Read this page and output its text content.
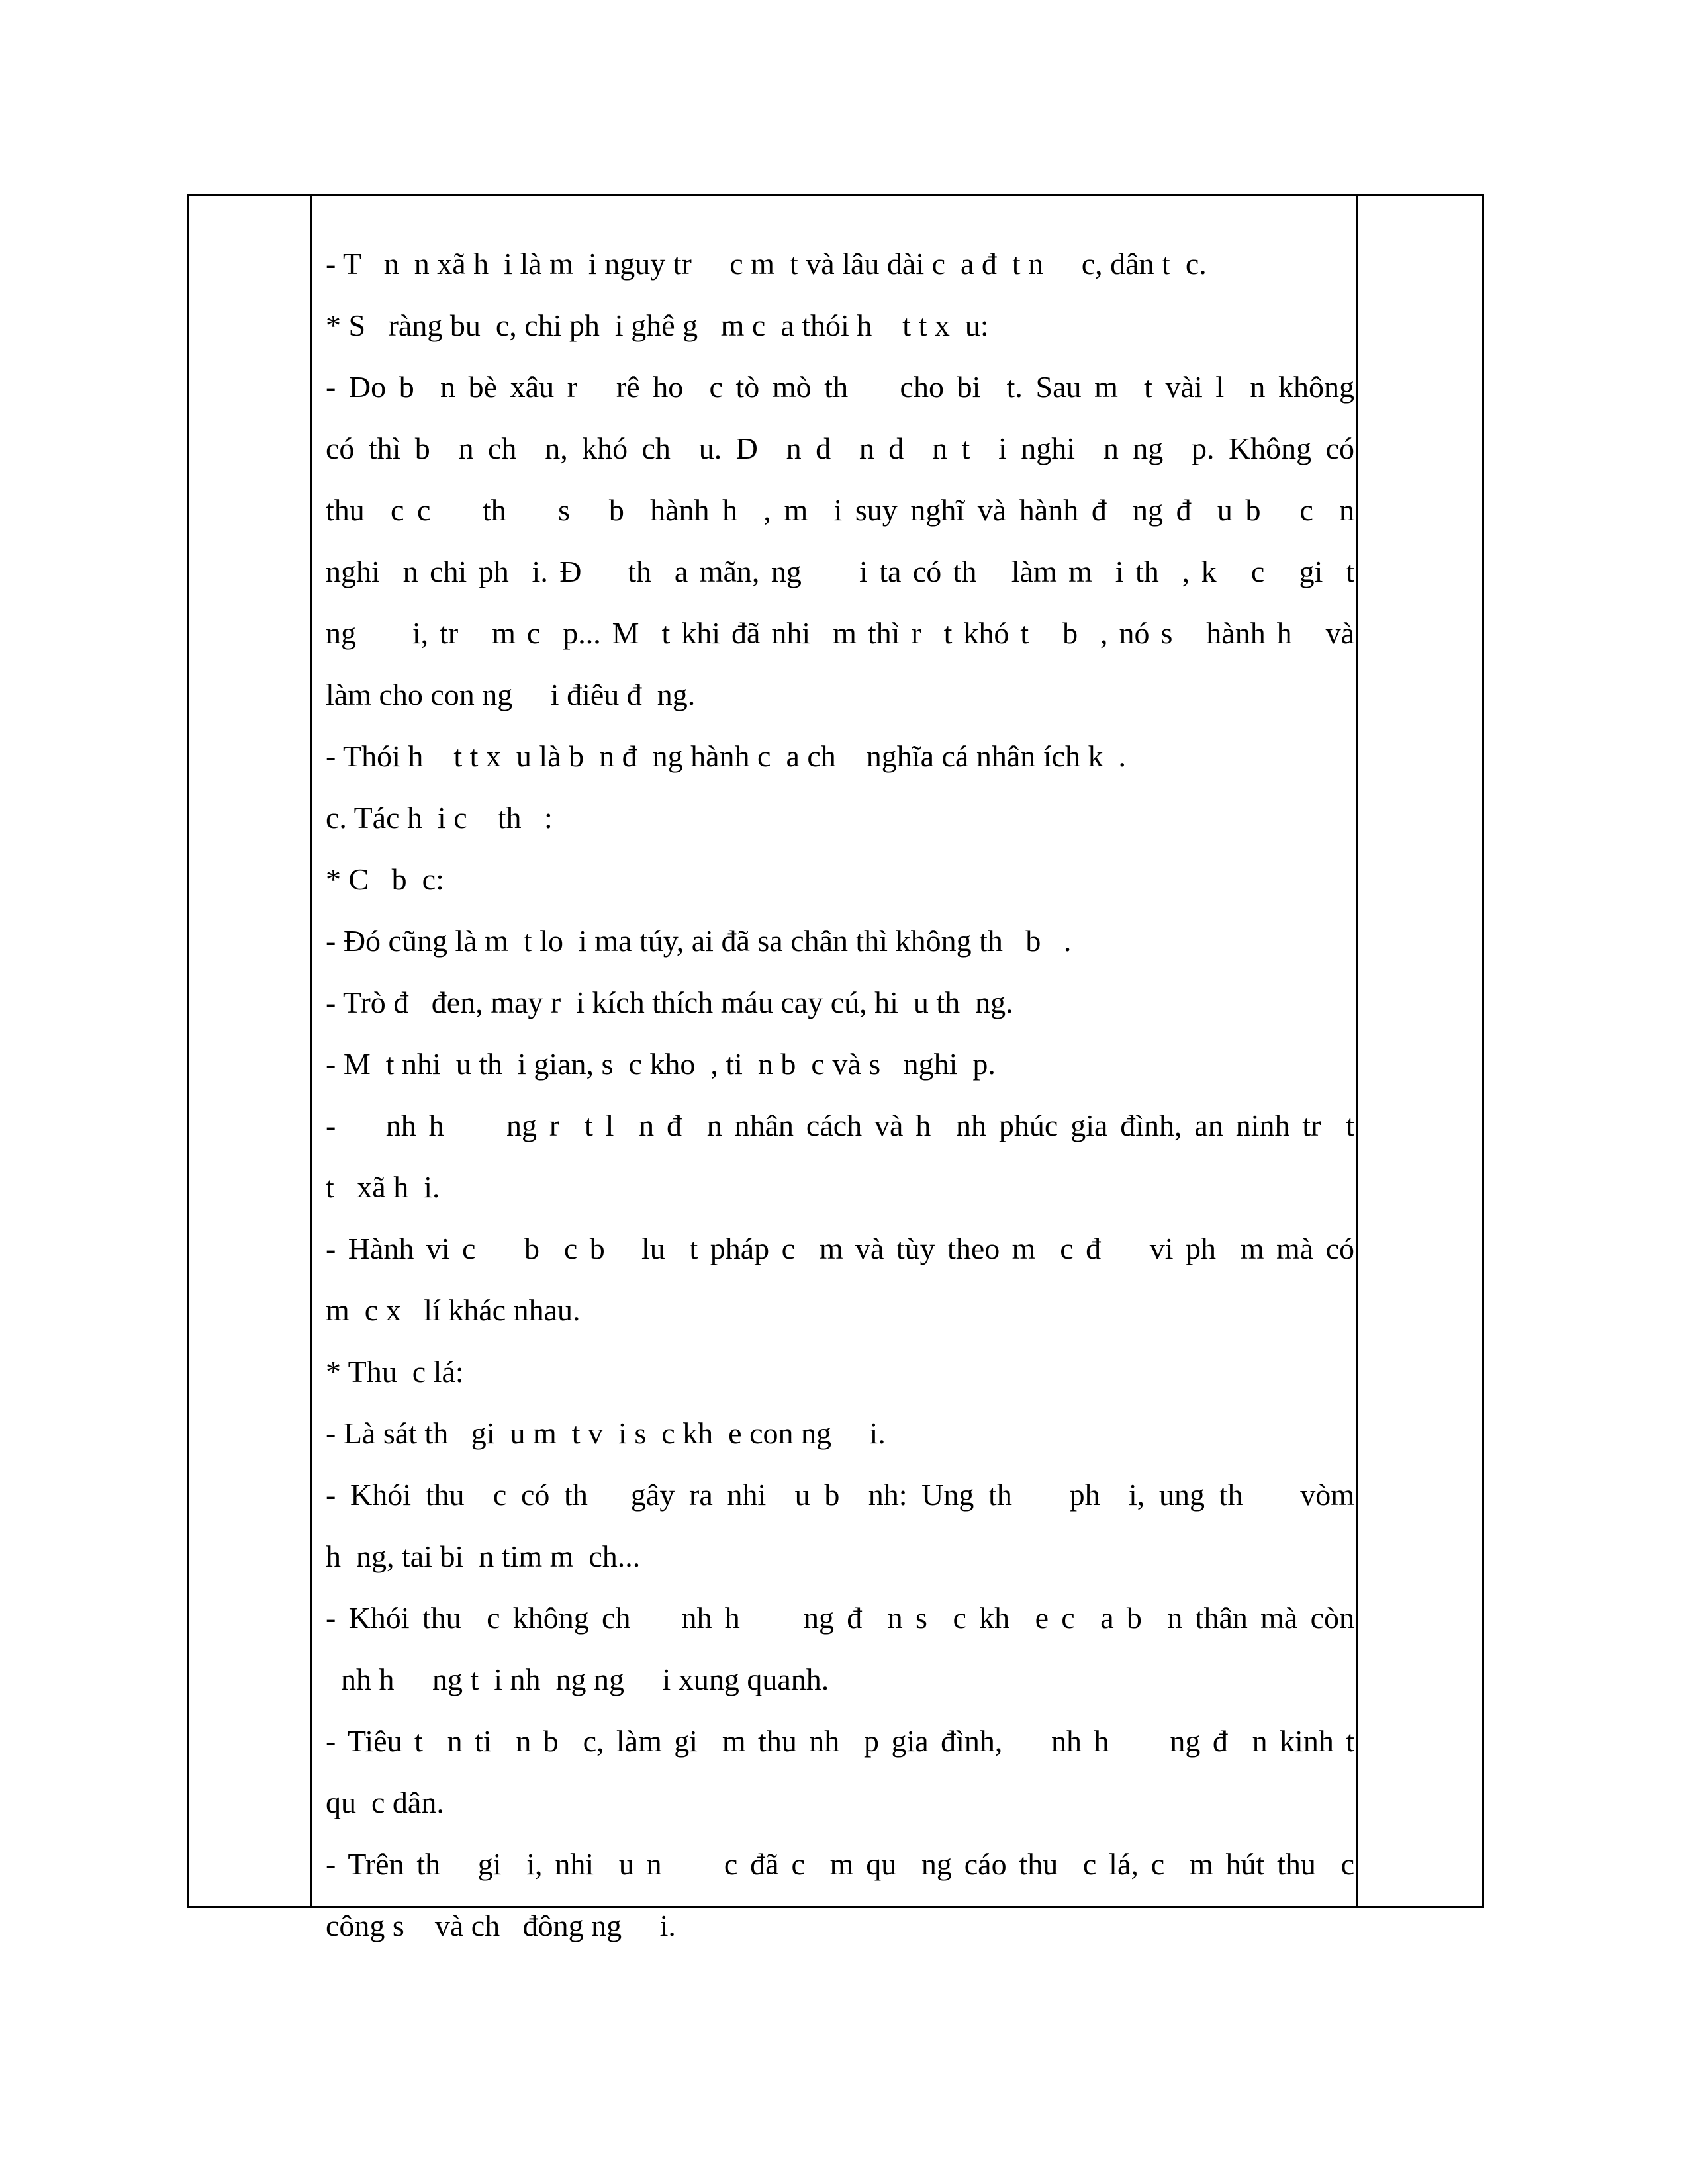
- T   n  n xã h  i là m  i nguy tr     c m  t và lâu dài c  a đ  t n     c, dân t  c.
* S   ràng bu  c, chi ph  i ghê g   m c  a thói h    t t x  u:
- Do b  n bè xâu r   rê ho  c tò mò th    cho bi  t. Sau m  t vài l  n không
có thì b  n ch  n, khó ch  u. D  n d  n d  n t  i nghi  n ng  p. Không có
thu  c c    th    s   b  hành h  , m  i suy nghĩ và hành đ  ng đ  u b   c  n
nghi  n chi ph  i. Đ    th  a mãn, ng     i ta có th   làm m  i th  , k   c   gi  t
ng     i, tr   m c  p... M  t khi đã nhi  m thì r  t khó t   b  , nó s   hành h   và
làm cho con ng     i điêu đ  ng.
- Thói h    t t x  u là b  n đ  ng hành c  a ch    nghĩa cá nhân ích k  .
c. Tác h  i c    th   :
* C   b  c:
- Đó cũng là m  t lo  i ma túy, ai đã sa chân thì không th   b   .
- Trò đ   đen, may r  i kích thích máu cay cú, hi  u th  ng.
- M  t nhi  u th  i gian, s  c kho  , ti  n b  c và s   nghi  p.
-    nh h     ng r  t l  n đ  n nhân cách và h  nh phúc gia đình, an ninh tr  t
t   xã h  i.
- Hành vi c    b  c b   lu  t pháp c  m và tùy theo m  c đ    vi ph  m mà có
m  c x   lí khác nhau.
* Thu  c lá:
- Là sát th   gi  u m  t v  i s  c kh  e con ng     i.
- Khói thu  c có th   gây ra nhi  u b  nh: Ung th    ph  i, ung th    vòm
h  ng, tai bi  n tim m  ch...
- Khói thu  c không ch    nh h     ng đ  n s  c kh  e c  a b  n thân mà còn
nh h     ng t  i nh  ng ng     i xung quanh.
- Tiêu t  n ti  n b  c, làm gi  m thu nh  p gia đình,    nh h     ng đ  n kinh t
qu  c dân.
- Trên th   gi  i, nhi  u n     c đã c  m qu  ng cáo thu  c lá, c  m hút thu  c
công s    và ch   đông ng     i.
